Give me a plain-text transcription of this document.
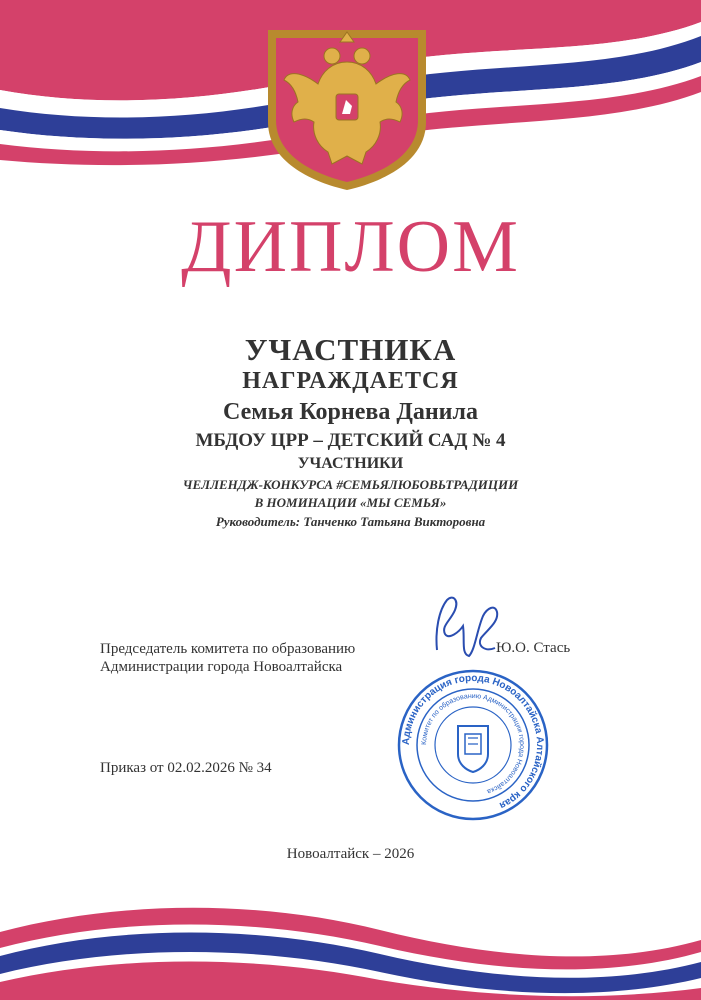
ДИПЛОМ
УЧАСТНИКА
НАГРАЖДАЕТСЯ
Семья Корнева Данила
МБДОУ ЦРР – ДЕТСКИЙ САД № 4
УЧАСТНИКИ
ЧЕЛЛЕНДЖ-КОНКУРСА #СЕМЬЯЛЮБОВЬТРАДИЦИИ
В НОМИНАЦИИ «МЫ СЕМЬЯ»
Руководитель: Танченко Татьяна Викторовна
Председатель комитета по образованию
Администрации города Новоалтайска
Ю.О. Стась
Администрация города Новоалтайска Алтайского края
Комитет по образованию Администрации города Новоалтайска
Приказ от 02.02.2026 № 34
Новоалтайск – 2026
